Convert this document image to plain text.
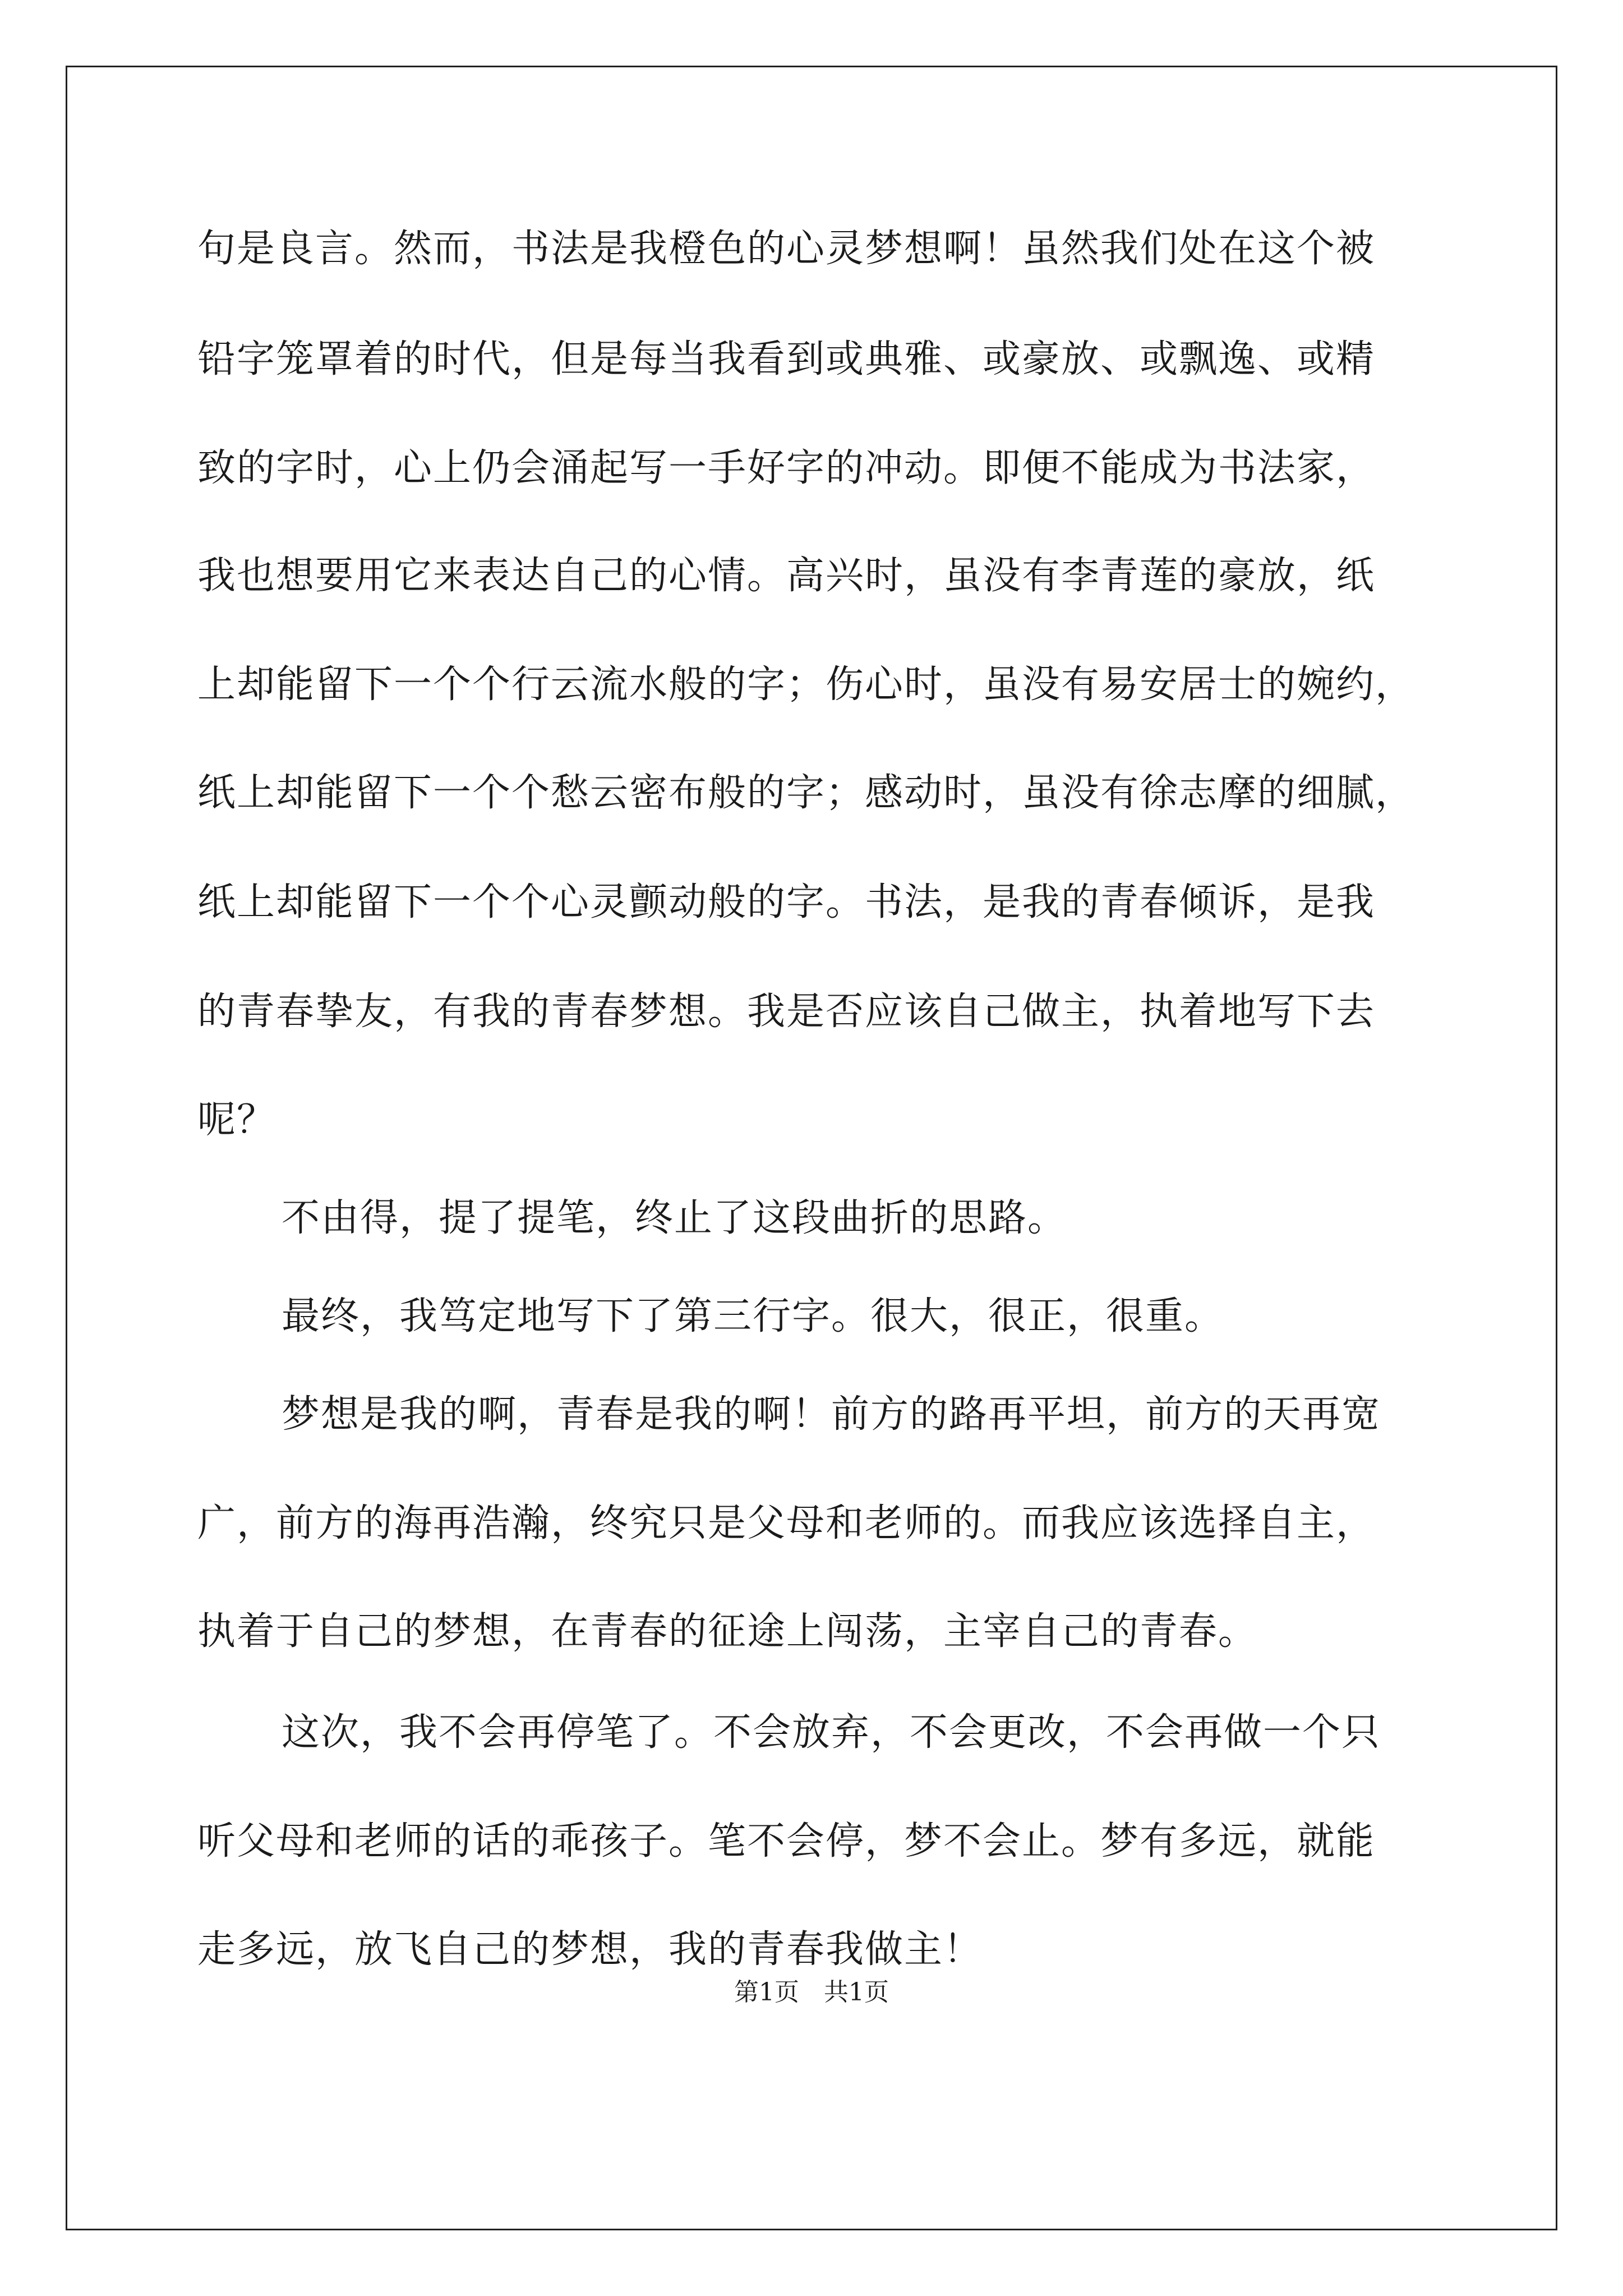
句是良言。然而，书法是我橙色的心灵梦想啊！虽然我们处在这个被
铅字笼罩着的时代，但是每当我看到或典雅、或豪放、或飘逸、或精
致的字时，心上仍会涌起写一手好字的冲动。即便不能成为书法家，
我也想要用它来表达自己的心情。高兴时，虽没有李青莲的豪放，纸
上却能留下一个个行云流水般的字；伤心时，虽没有易安居士的婉约，
纸上却能留下一个个愁云密布般的字；感动时，虽没有徐志摩的细腻，
纸上却能留下一个个心灵颤动般的字。书法，是我的青春倾诉，是我
的青春挚友，有我的青春梦想。我是否应该自己做主，执着地写下去
呢？
不由得，提了提笔，终止了这段曲折的思路。
最终，我笃定地写下了第三行字。很大，很正，很重。
梦想是我的啊，青春是我的啊！前方的路再平坦，前方的天再宽
广，前方的海再浩瀚，终究只是父母和老师的。而我应该选择自主，
执着于自己的梦想，在青春的征途上闯荡，主宰自己的青春。
这次，我不会再停笔了。不会放弃，不会更改，不会再做一个只
听父母和老师的话的乖孩子。笔不会停，梦不会止。梦有多远，就能
走多远，放飞自己的梦想，我的青春我做主！
第1页　共1页
